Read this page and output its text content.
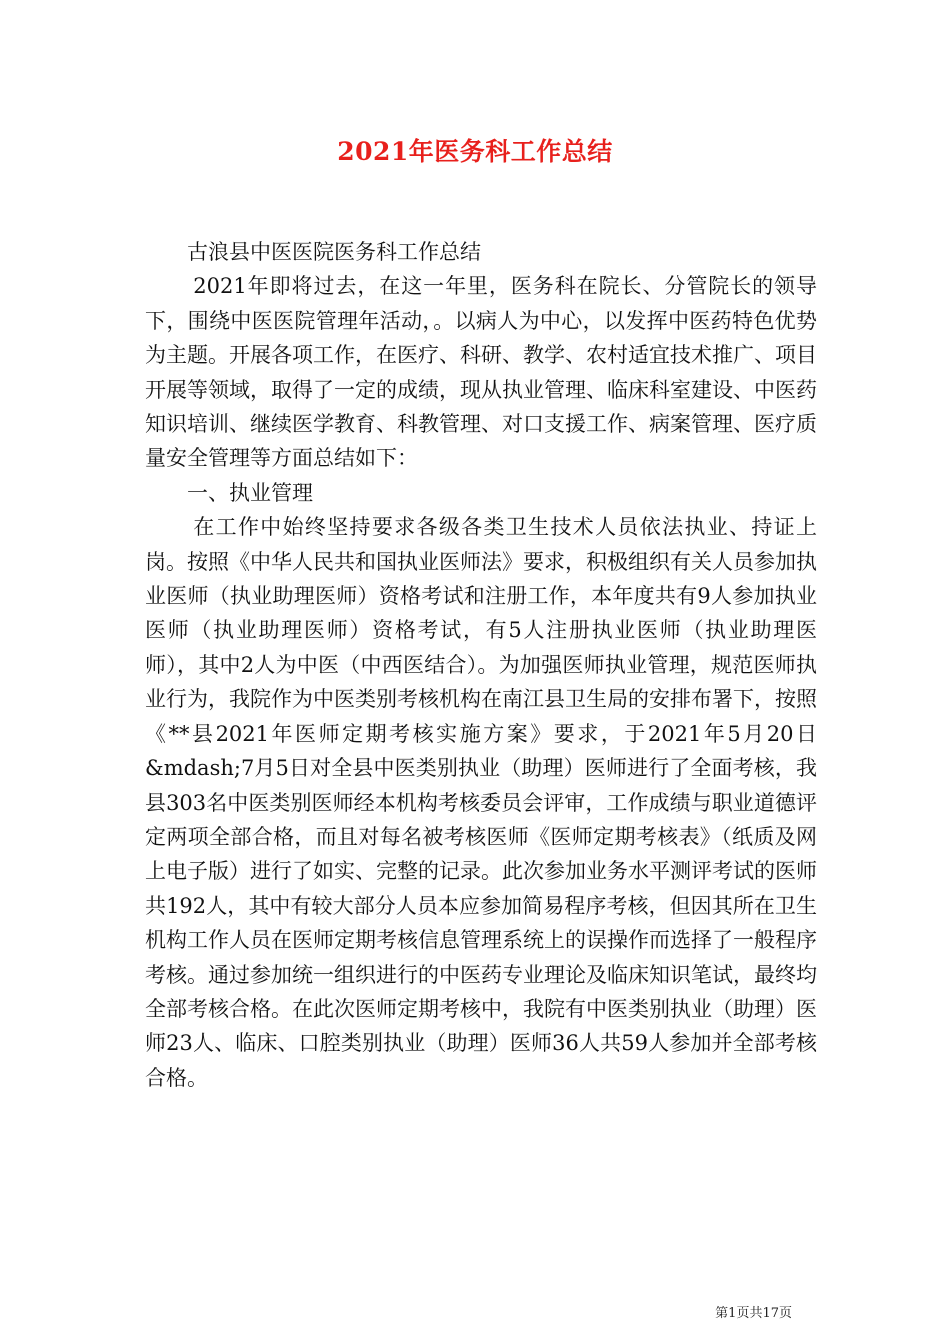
2021年医务科工作总结

古浪县中医医院医务科工作总结

2021年即将过去，在这一年里，医务科在院长、分管院长的领导下，围绕中医医院管理年活动，。以病人为中心，以发挥中医药特色优势为主题。开展各项工作，在医疗、科研、教学、农村适宜技术推广、项目开展等领域，取得了一定的成绩，现从执业管理、临床科室建设、中医药知识培训、继续医学教育、科教管理、对口支援工作、病案管理、医疗质量安全管理等方面总结如下：

一、执业管理

在工作中始终坚持要求各级各类卫生技术人员依法执业、持证上岗。按照《中华人民共和国执业医师法》要求，积极组织有关人员参加执业医师（执业助理医师）资格考试和注册工作，本年度共有9人参加执业医师（执业助理医师）资格考试，有5人注册执业医师（执业助理医师），其中2人为中医（中西医结合）。为加强医师执业管理，规范医师执业行为，我院作为中医类别考核机构在南江县卫生局的安排布署下，按照《**县2021年医师定期考核实施方案》要求，于2021年5月20日&mdash;7月5日对全县中医类别执业（助理）医师进行了全面考核，我县303名中医类别医师经本机构考核委员会评审，工作成绩与职业道德评定两项全部合格，而且对每名被考核医师《医师定期考核表》（纸质及网上电子版）进行了如实、完整的记录。此次参加业务水平测评考试的医师共192人，其中有较大部分人员本应参加简易程序考核，但因其所在卫生机构工作人员在医师定期考核信息管理系统上的误操作而选择了一般程序考核。通过参加统一组织进行的中医药专业理论及临床知识笔试，最终均全部考核合格。在此次医师定期考核中，我院有中医类别执业（助理）医师23人、临床、口腔类别执业（助理）医师36人共59人参加并全部考核合格。

第1页共17页
